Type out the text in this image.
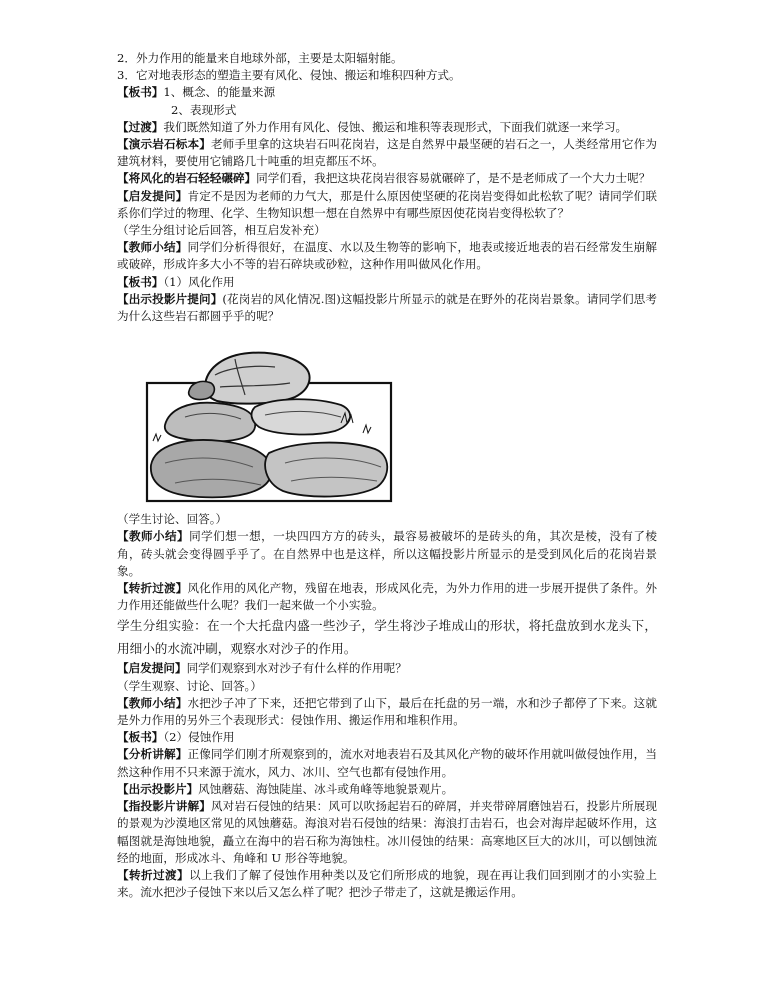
2．外力作用的能量来自地球外部，主要是太阳辐射能。

3．它对地表形态的塑造主要有风化、侵蚀、搬运和堆积四种方式。

【板书】1、概念、的能量来源

2、表现形式

【过渡】我们既然知道了外力作用有风化、侵蚀、搬运和堆积等表现形式，下面我们就逐一来学习。

【演示岩石标本】老师手里拿的这块岩石叫花岗岩，这是自然界中最坚硬的岩石之一，人类经常用它作为建筑材料，要使用它铺路几十吨重的坦克都压不坏。

【将风化的岩石轻轻碾碎】同学们看，我把这块花岗岩很容易就碾碎了，是不是老师成了一个大力士呢？

【启发提问】肯定不是因为老师的力气大，那是什么原因使坚硬的花岗岩变得如此松软了呢？请同学们联系你们学过的物理、化学、生物知识想一想在自然界中有哪些原因使花岗岩变得松软了？

（学生分组讨论后回答，相互启发补充）

【教师小结】同学们分析得很好，在温度、水以及生物等的影响下，地表或接近地表的岩石经常发生崩解或破碎，形成许多大小不等的岩石碎块或砂粒，这种作用叫做风化作用。

【板书】（1）风化作用

【出示投影片提问】(花岗岩的风化情况.图)这幅投影片所显示的就是在野外的花岗岩景象。请同学们思考为什么这些岩石都圆乎乎的呢？

（学生讨论、回答。）

【教师小结】同学们想一想，一块四四方方的砖头，最容易被破坏的是砖头的角，其次是棱，没有了棱角，砖头就会变得圆乎乎了。在自然界中也是这样，所以这幅投影片所显示的是受到风化后的花岗岩景象。

【转折过渡】风化作用的风化产物，残留在地表，形成风化壳，为外力作用的进一步展开提供了条件。外力作用还能做些什么呢？我们一起来做一个小实验。

学生分组实验：在一个大托盘内盛一些沙子，学生将沙子堆成山的形状，将托盘放到水龙头下，用细小的水流冲刷，观察水对沙子的作用。

【启发提问】同学们观察到水对沙子有什么样的作用呢？

（学生观察、讨论、回答。）

【教师小结】水把沙子冲了下来，还把它带到了山下，最后在托盘的另一端，水和沙子都停了下来。这就是外力作用的另外三个表现形式：侵蚀作用、搬运作用和堆积作用。

【板书】（2）侵蚀作用

【分析讲解】正像同学们刚才所观察到的，流水对地表岩石及其风化产物的破坏作用就叫做侵蚀作用，当然这种作用不只来源于流水，风力、冰川、空气也都有侵蚀作用。

【出示投影片】风蚀蘑菇、海蚀陡崖、冰斗或角峰等地貌景观片。

【指投影片讲解】风对岩石侵蚀的结果：风可以吹扬起岩石的碎屑，并夹带碎屑磨蚀岩石，投影片所展现的景观为沙漠地区常见的风蚀蘑菇。海浪对岩石侵蚀的结果：海浪打击岩石，也会对海岸起破坏作用，这幅图就是海蚀地貌，矗立在海中的岩石称为海蚀柱。冰川侵蚀的结果：高寒地区巨大的冰川，可以刨蚀流经的地面，形成冰斗、角峰和 U 形谷等地貌。

【转折过渡】以上我们了解了侵蚀作用种类以及它们所形成的地貌，现在再让我们回到刚才的小实验上来。流水把沙子侵蚀下来以后又怎么样了呢？把沙子带走了，这就是搬运作用。
